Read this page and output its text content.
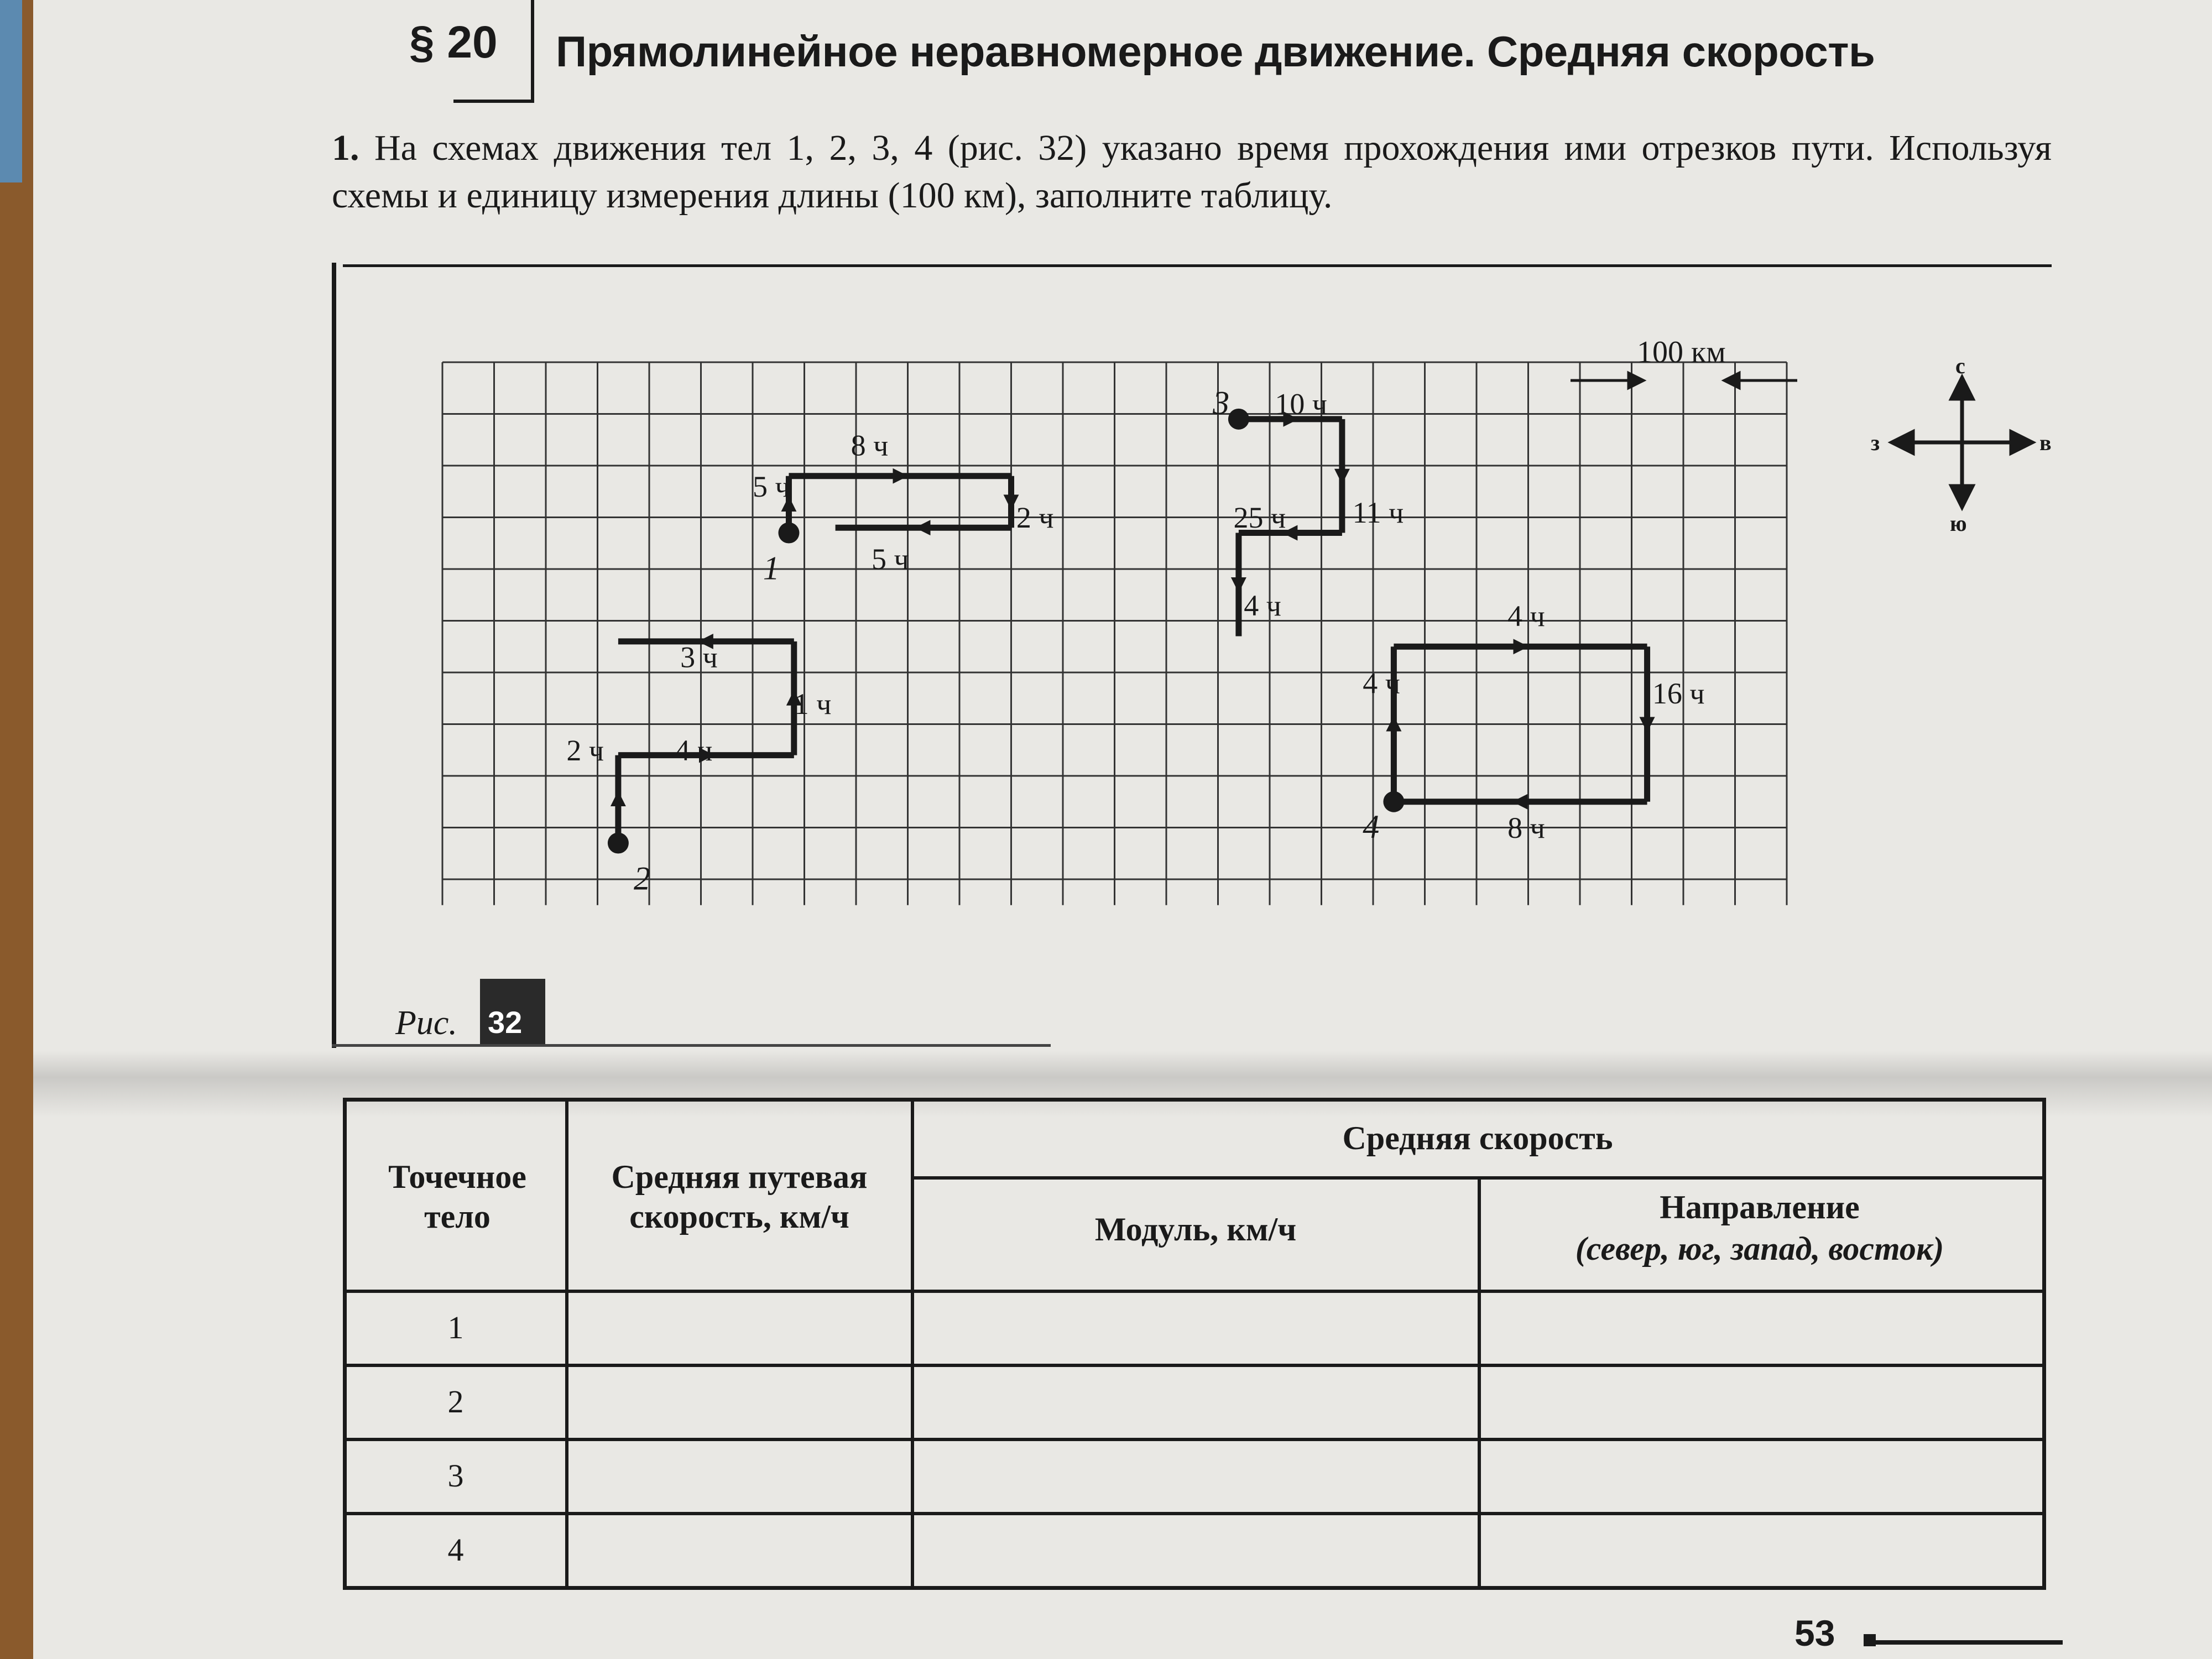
§ 20 Прямолинейное неравномерное движение. Средняя скорость
1. На схемах движения тел 1, 2, 3, 4 (рис. 32) указано время прохождения ими отрезков пути. Используя схемы и единицу измерения длины (100 км), заполните таблицу.
5 ч
8 ч
2 ч
5 ч
2 ч 4 ч
1 ч
3 ч
10 ч
11 ч
25 ч
4 ч
4 ч
4 ч
16 ч
8 ч
1
2
3
4
с
ю
з	в
100 км
Рис. 32
Точечное тело
Средняя путевая скорость, км/ч
Средняя скорость
Модуль, км/ч
Направление
(север, юг, запад, восток)
1
2
3
4
53
